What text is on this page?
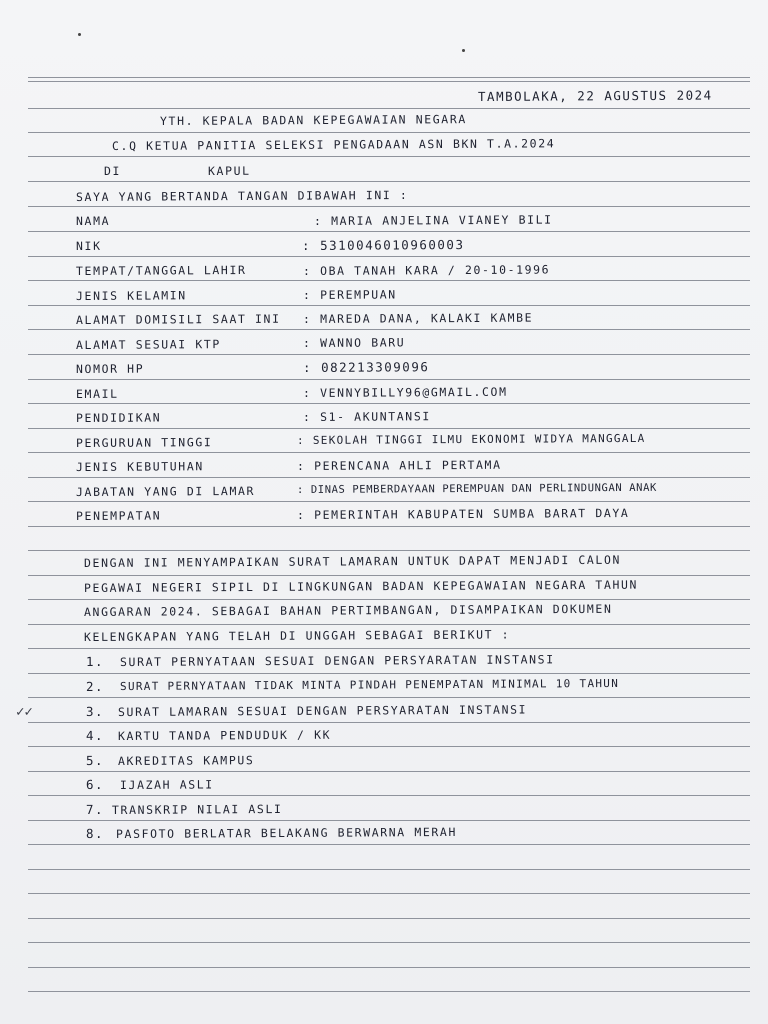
TAMBOLAKA, 22 AGUSTUS 2024
YTH. KEPALA BADAN KEPEGAWAIAN NEGARA
C.Q KETUA PANITIA SELEKSI PENGADAAN ASN BKN T.A.2024
DI	KAPUL
SAYA YANG BERTANDA TANGAN DIBAWAH INI :
NAMA	: MARIA ANJELINA VIANEY BILI
NIK	: 5310046010960003
TEMPAT/TANGGAL LAHIR	: OBA TANAH KARA / 20-10-1996
JENIS KELAMIN	: PEREMPUAN
ALAMAT DOMISILI SAAT INI : MAREDA DANA, KALAKI KAMBE
ALAMAT SESUAI KTP	: WANNO BARU
NOMOR HP	: 082213309096
EMAIL	: VENNYBILLY96@GMAIL.COM
PENDIDIKAN	: S1- AKUNTANSI
PERGURUAN TINGGI	: SEKOLAH TINGGI ILMU EKONOMI WIDYA MANGGALA
JENIS KEBUTUHAN	: PERENCANA AHLI PERTAMA
JABATAN YANG DI LAMAR	: DINAS PEMBERDAYAAN PEREMPUAN DAN PERLINDUNGAN ANAK
PENEMPATAN	: PEMERINTAH KABUPATEN SUMBA BARAT DAYA
DENGAN INI MENYAMPAIKAN SURAT LAMARAN UNTUK DAPAT MENJADI CALON
PEGAWAI NEGERI SIPIL DI LINGKUNGAN BADAN KEPEGAWAIAN NEGARA TAHUN
ANGGARAN 2024. SEBAGAI BAHAN PERTIMBANGAN, DISAMPAIKAN DOKUMEN
KELENGKAPAN YANG TELAH DI UNGGAH SEBAGAI BERIKUT :
1. SURAT PERNYATAAN SESUAI DENGAN PERSYARATAN INSTANSI
2. SURAT PERNYATAAN TIDAK MINTA PINDAH PENEMPATAN MINIMAL 10 TAHUN
✓✓	3. SURAT LAMARAN SESUAI DENGAN PERSYARATAN INSTANSI
4. KARTU TANDA PENDUDUK / KK
5. AKREDITAS KAMPUS
6. IJAZAH ASLI
7. TRANSKRIP NILAI ASLI
8. PASFOTO BERLATAR BELAKANG BERWARNA MERAH
